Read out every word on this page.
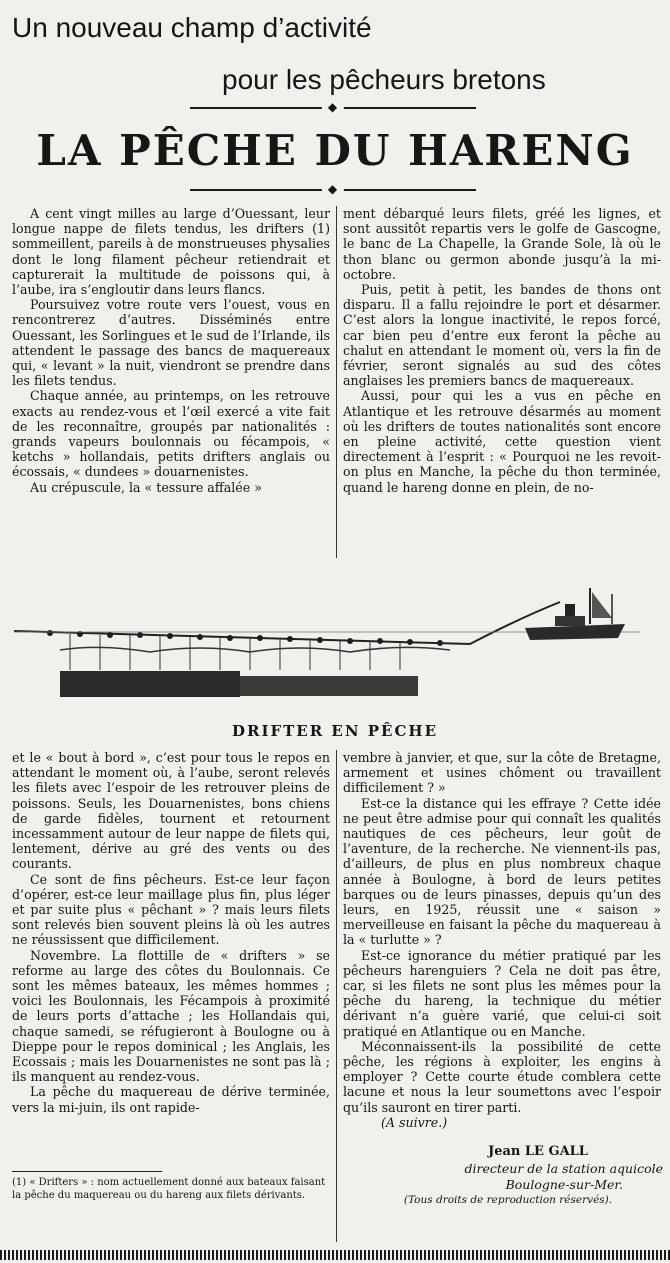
Un nouveau champ d’activité
pour les pêcheurs bretons
◆
LA PÊCHE DU HARENG
◆

A cent vingt milles au large d’Ouessant, leur longue nappe de filets tendus, les drifters (1) sommeillent, pareils à de monstrueuses physalies dont le long filament pêcheur retiendrait et capturerait la multitude de poissons qui, à l’aube, ira s’engloutir dans leurs flancs.

Poursuivez votre route vers l’ouest, vous en rencontrerez d’autres. Disséminés entre Ouessant, les Sorlingues et le sud de l’Irlande, ils attendent le passage des bancs de maquereaux qui, « levant » la nuit, viendront se prendre dans les filets tendus.

Chaque année, au printemps, on les retrouve exacts au rendez-vous et l’œil exercé a vite fait de les reconnaître, groupés par nationalités : grands vapeurs boulonnais ou fécampois, « ketchs » hollandais, petits drifters anglais ou écossais, « dundees » douarnenistes.

Au crépuscule, la « tessure affalée »

ment débarqué leurs filets, gréé les lignes, et sont aussitôt repartis vers le golfe de Gascogne, le banc de La Chapelle, la Grande Sole, là où le thon blanc ou germon abonde jusqu’à la mi-octobre.

Puis, petit à petit, les bandes de thons ont disparu. Il a fallu rejoindre le port et désarmer. C’est alors la longue inactivité, le repos forcé, car bien peu d’entre eux feront la pêche au chalut en attendant le moment où, vers la fin de février, seront signalés au sud des côtes anglaises les premiers bancs de maquereaux.

Aussi, pour qui les a vus en pêche en Atlantique et les retrouve désarmés au moment où les drifters de toutes nationalités sont encore en pleine activité, cette question vient directement à l’esprit : « Pourquoi ne les revoit-on plus en Manche, la pêche du thon terminée, quand le hareng donne en plein, de no-

DRIFTER EN PÊCHE

et le « bout à bord », c’est pour tous le repos en attendant le moment où, à l’aube, seront relevés les filets avec l’espoir de les retrouver pleins de poissons. Seuls, les Douarnenistes, bons chiens de garde fidèles, tournent et retournent incessamment autour de leur nappe de filets qui, lentement, dérive au gré des vents ou des courants.

Ce sont de fins pêcheurs. Est-ce leur façon d’opérer, est-ce leur maillage plus fin, plus léger et par suite plus « pêchant » ? mais leurs filets sont relevés bien souvent pleins là où les autres ne réussissent que difficilement.

Novembre. La flottille de « drifters » se reforme au large des côtes du Boulonnais. Ce sont les mêmes bateaux, les mêmes hommes ; voici les Boulonnais, les Fécampois à proximité de leurs ports d’attache ; les Hollandais qui, chaque samedi, se réfugieront à Boulogne ou à Dieppe pour le repos dominical ; les Anglais, les Ecossais ; mais les Douarnenistes ne sont pas là ; ils manquent au rendez-vous.

La pêche du maquereau de dérive terminée, vers la mi-juin, ils ont rapide-

vembre à janvier, et que, sur la côte de Bretagne, armement et usines chôment ou travaillent difficilement ? »

Est-ce la distance qui les effraye ? Cette idée ne peut être admise pour qui connaît les qualités nautiques de ces pêcheurs, leur goût de l’aventure, de la recherche. Ne viennent-ils pas, d’ailleurs, de plus en plus nombreux chaque année à Boulogne, à bord de leurs petites barques ou de leurs pinasses, depuis qu’un des leurs, en 1925, réussit une « saison » merveilleuse en faisant la pêche du maquereau à la « turlutte » ?

Est-ce ignorance du métier pratiqué par les pêcheurs harenguiers ? Cela ne doit pas être, car, si les filets ne sont plus les mêmes pour la pêche du hareng, la technique du métier dérivant n’a guère varié, que celui-ci soit pratiqué en Atlantique ou en Manche.

Méconnaissent-ils la possibilité de cette pêche, les régions à exploiter, les engins à employer ? Cette courte étude comblera cette lacune et nous la leur soumettons avec l’espoir qu’ils sauront en tirer parti.

(A suivre.)

Jean LE GALL
directeur de la station aquicole
Boulogne-sur-Mer.
(Tous droits de reproduction réservés).
(1) « Drifters » : nom actuellement donné aux bateaux faisant la pêche du maquereau ou du hareng aux filets dérivants.
